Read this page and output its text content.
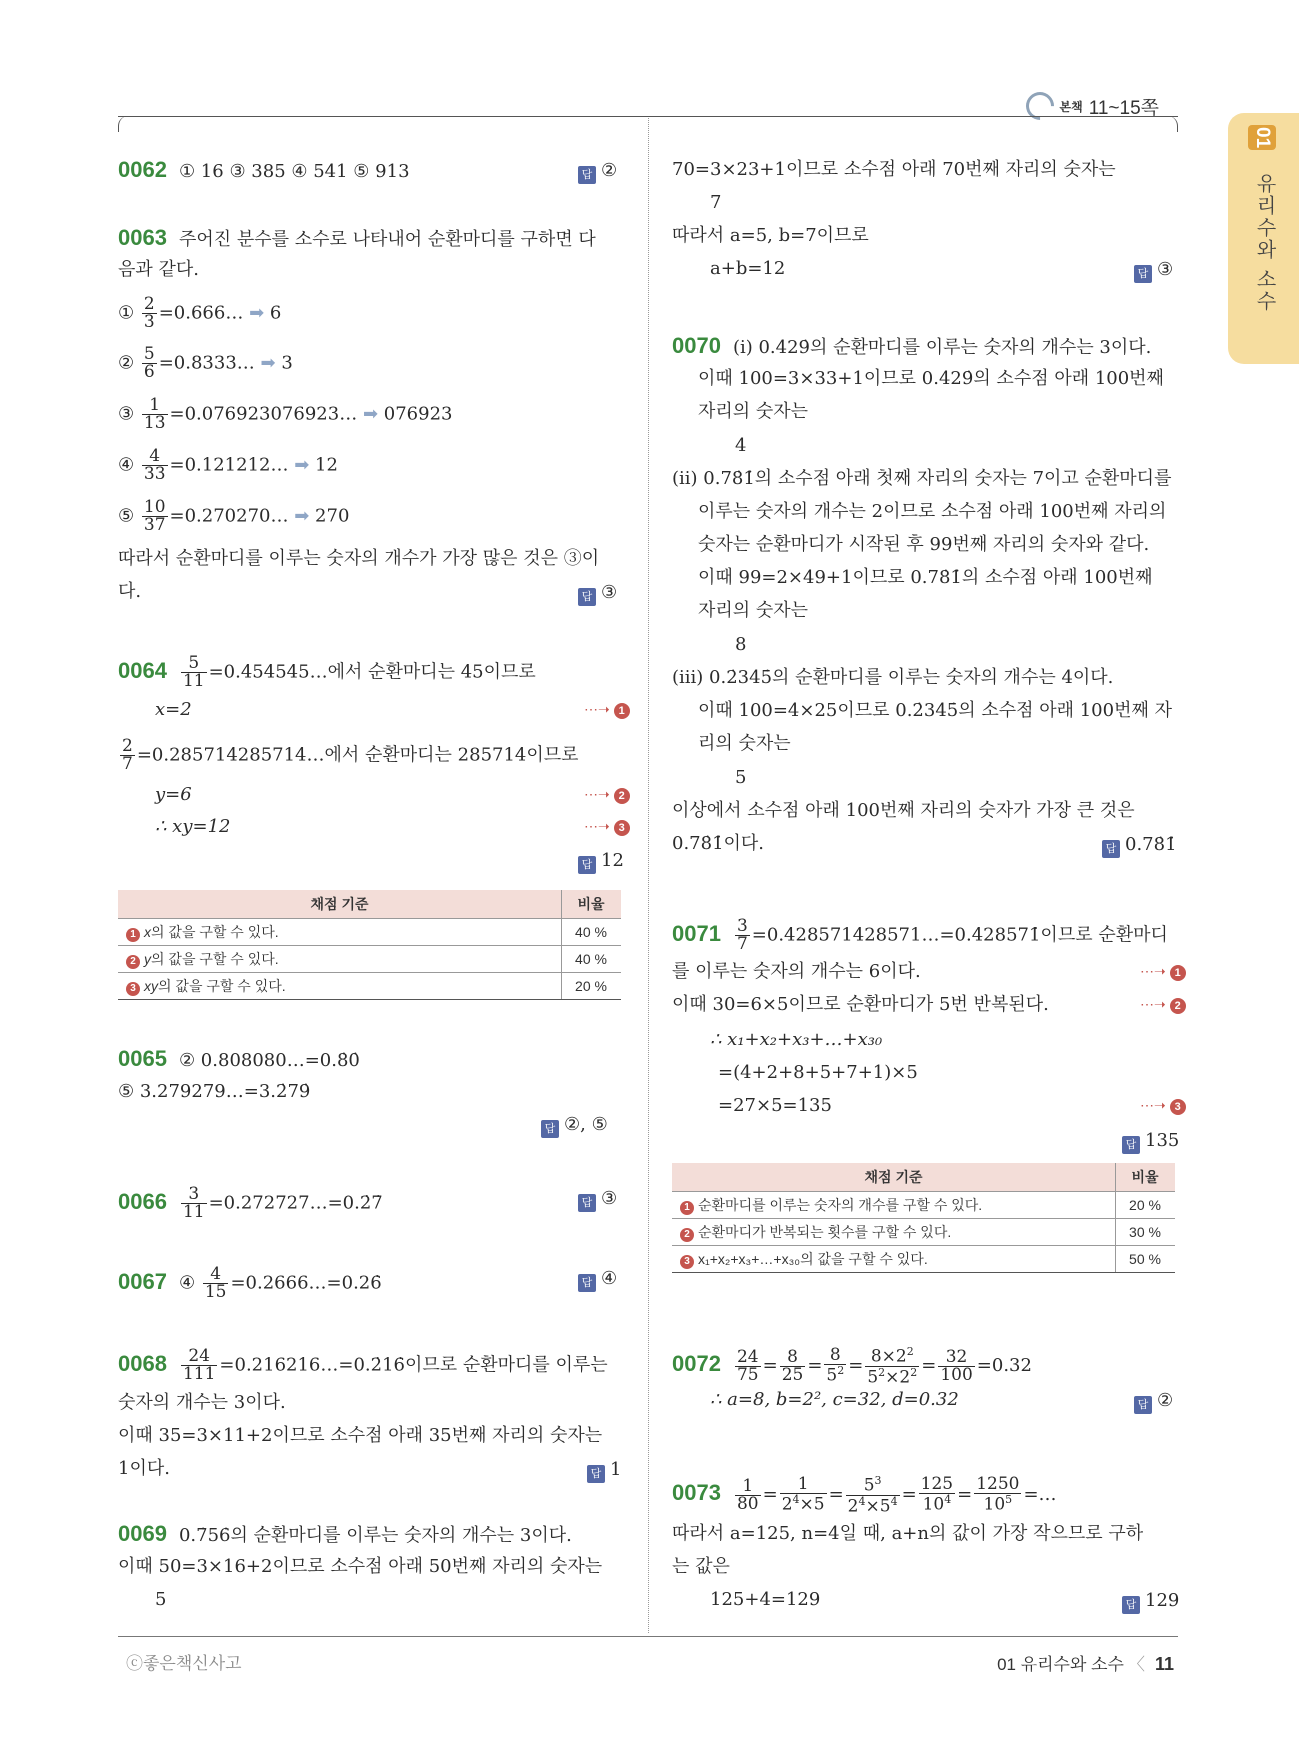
본책 11~15쪽
01
유리수와 소수
0062 ① 16 ③ 385 ④ 541 ⑤ 913	답 ②
0063 주어진 분수를 소수로 나타내어 순환마디를 구하면 다
음과 같다.
① $\frac{2}{3}$ =0.666… ➡ 6
② $\frac{5}{6}$ =0.8333… ➡ 3
③ $\frac{1}{13}$ =0.076923076923… ➡ 076923
④ $\frac{4}{33}$ =0.121212… ➡ 12
⑤ $\frac{10}{37}$ =0.270270… ➡ 270
따라서 순환마디를 이루는 숫자의 개수가 가장 많은 것은 ③이
다.	답 ③
$0064 \frac{5}{11}$ =0.454545…에서 순환마디는 45이므로
x=2	⋯➝ 1
$\frac{2}{7}$ =0.285714285714…에서 순환마디는 285714이므로
y=6	⋯➝ 2
∴ xy=12	⋯➝ 3
답 12
채점 기준	비율
1 x의 값을 구할 수 있다.	40 %
2 y의 값을 구할 수 있다.	40 %
3 xy의 값을 구할 수 있다.	20 %
0065 ② 0.808080…=0.8̇0̇
⑤ 3.279279…=3.2̇79̇
답 ②, ⑤
$0066 \frac{3}{11}$ =0.272727…=0.2̇7̇	답 ③
0067 ④ $\frac{4}{15}$ =0.2666…=0.26̇	답 ④
$0068 \frac{24}{111}$ =0.216216…=0.2̇16̇이므로 순환마디를 이루는
숫자의 개수는 3이다.
이때 35=3×11+2이므로 소수점 아래 35번째 자리의 숫자는
1이다.	답 1
0069 0.7̇56̇의 순환마디를 이루는 숫자의 개수는 3이다.
이때 50=3×16+2이므로 소수점 아래 50번째 자리의 숫자는
5
70=3×23+1이므로 소수점 아래 70번째 자리의 숫자는
7
따라서 a=5, b=7이므로
a+b=12	답 ③
0070 (ⅰ) 0.4̇29̇의 순환마디를 이루는 숫자의 개수는 3이다.
이때 100=3×33+1이므로 0.4̇29̇의 소수점 아래 100번째
자리의 숫자는
4
(ⅱ) 0.78̇1̇의 소수점 아래 첫째 자리의 숫자는 7이고 순환마디를
이루는 숫자의 개수는 2이므로 소수점 아래 100번째 자리의
숫자는 순환마디가 시작된 후 99번째 자리의 숫자와 같다.
이때 99=2×49+1이므로 0.78̇1̇의 소수점 아래 100번째
자리의 숫자는
8
(ⅲ) 0.2̇345̇의 순환마디를 이루는 숫자의 개수는 4이다.
이때 100=4×25이므로 0.2̇345̇의 소수점 아래 100번째 자
리의 숫자는
5
이상에서 소수점 아래 100번째 자리의 숫자가 가장 큰 것은
0.78̇1̇이다.	답 0.78̇1̇
$0071 \frac{3}{7}$ =0.428571428571…=0.4̇28571̇이므로 순환마디
를 이루는 숫자의 개수는 6이다.	⋯➝ 1
이때 30=6×5이므로 순환마디가 5번 반복된다.	⋯➝ 2
∴ x₁+x₂+x₃+…+x₃₀
=(4+2+8+5+7+1)×5
=27×5=135	⋯➝ 3
답 135
채점 기준	비율
1 순환마디를 이루는 숫자의 개수를 구할 수 있다.	20 %
2 순환마디가 반복되는 횟수를 구할 수 있다.	30 %
3 x₁+x₂+x₃+…+x₃₀의 값을 구할 수 있다.	50 %
$0072 \frac{24}{75} = \frac{8}{25} = \frac{8}{5^2} = \frac{8\times 2^2}{5^2\times 2^2} = \frac{32}{100} =0.32$
∴ a=8, b=2², c=32, d=0.32	답 ②
$0073 \frac{1}{80} = \frac{1}{2^4\times 5} = \frac{5^3}{2^4\times 5^4} = \frac{125}{10^4} = \frac{1250}{10^5}$ =…
따라서 a=125, n=4일 때, a+n의 값이 가장 작으므로 구하
는 값은
125+4=129	답 129
ⓒ좋은책신사고	01 유리수와 소수 〈 11
